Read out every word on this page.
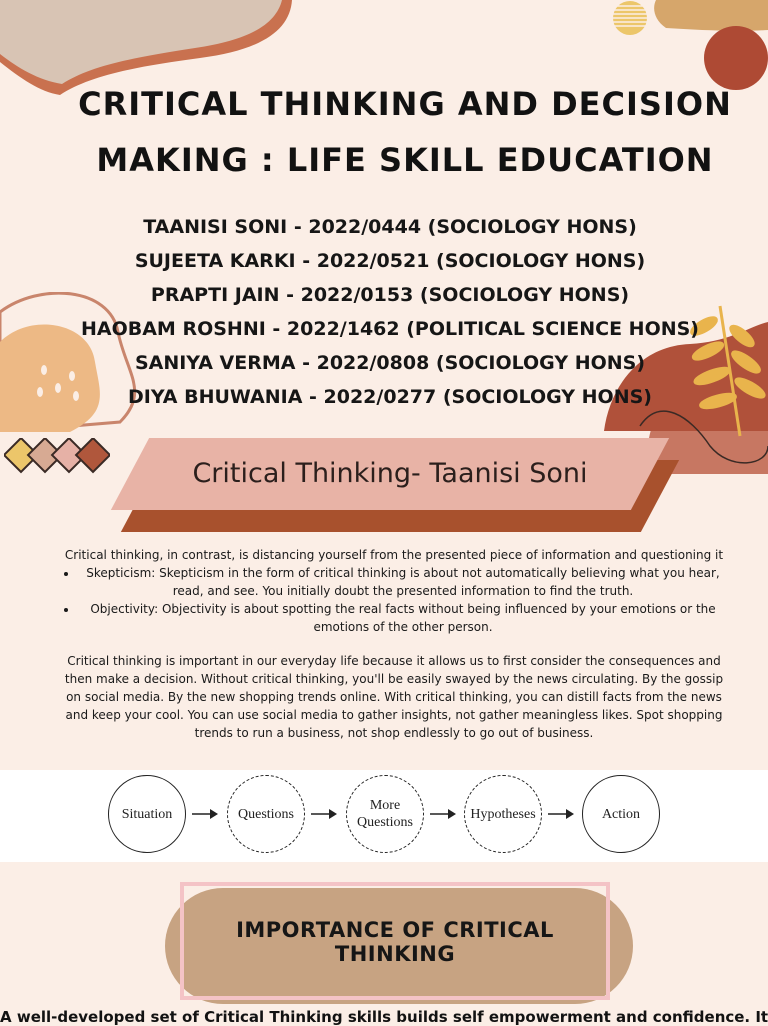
CRITICAL THINKING AND DECISION
MAKING : LIFE SKILL EDUCATION
TAANISI SONI - 2022/0444 (SOCIOLOGY HONS)
SUJEETA KARKI - 2022/0521 (SOCIOLOGY HONS)
PRAPTI JAIN - 2022/0153 (SOCIOLOGY HONS)
HAOBAM ROSHNI - 2022/1462 (POLITICAL SCIENCE HONS)
SANIYA VERMA - 2022/0808 (SOCIOLOGY HONS)
DIYA BHUWANIA - 2022/0277 (SOCIOLOGY HONS)
Critical Thinking- Taanisi Soni

Critical thinking, in contrast, is distancing yourself from the presented piece of information and questioning it

• Skepticism: Skepticism in the form of critical thinking is about not automatically believing what you hear, read, and see. You initially doubt the presented information to find the truth.
• Objectivity: Objectivity is about spotting the real facts without being influenced by your emotions or the emotions of the other person.

Critical thinking is important in our everyday life because it allows us to first consider the consequences and then make a decision. Without critical thinking, you'll be easily swayed by the news circulating. By the gossip on social media. By the new shopping trends online. With critical thinking, you can distill facts from the news and keep your cool. You can use social media to gather insights, not gather meaningless likes. Spot shopping trends to run a business, not shop endlessly to go out of business.

Situation	Questions
More Questions
Hypotheses	Action
IMPORTANCE OF CRITICAL THINKING
A well-developed set of Critical Thinking skills builds self empowerment and confidence. It
